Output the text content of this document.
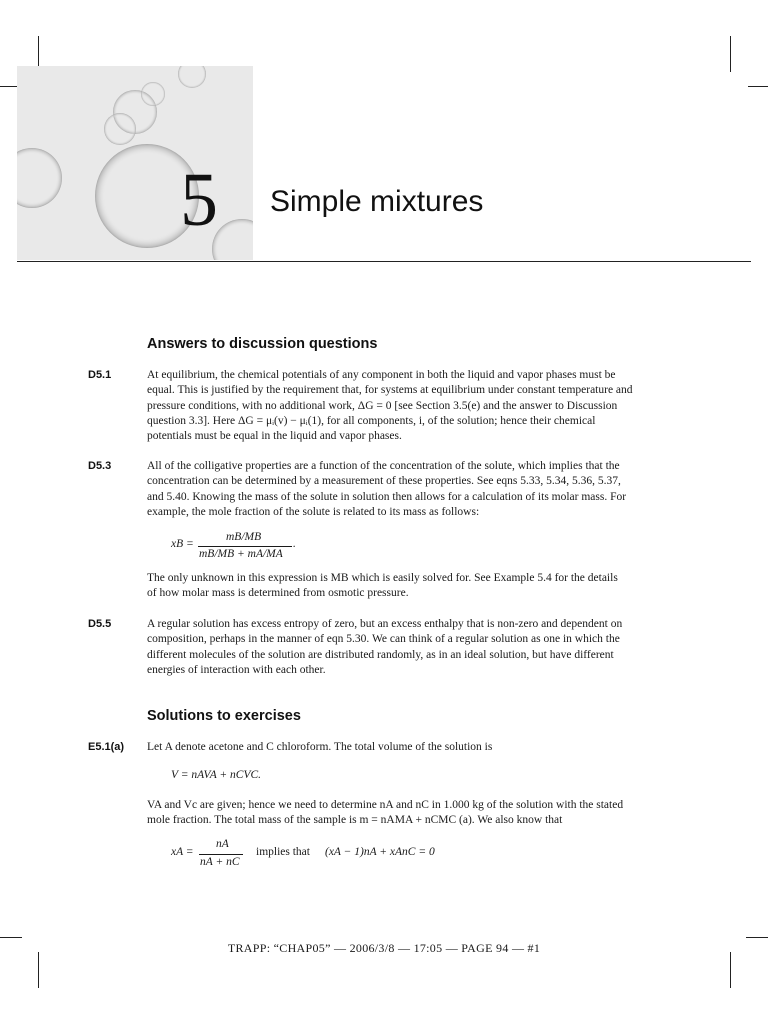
5 Simple mixtures
Answers to discussion questions
D5.1	At equilibrium, the chemical potentials of any component in both the liquid and vapor phases must be
equal. This is justified by the requirement that, for systems at equilibrium under constant temperature and
pressure conditions, with no additional work, ΔG = 0 [see Section 3.5(e) and the answer to Discussion
question 3.3]. Here ΔG = μᵢ(v) − μᵢ(1), for all components, i, of the solution; hence their chemical
potentials must be equal in the liquid and vapor phases.
D5.3	All of the colligative properties are a function of the concentration of the solute, which implies that the
concentration can be determined by a measurement of these properties. See eqns 5.33, 5.34, 5.36, 5.37,
and 5.40. Knowing the mass of the solute in solution then allows for a calculation of its molar mass. For
example, the mole fraction of the solute is related to its mass as follows:
xB =
mB/MB
mB/MB + mA/MA
.
The only unknown in this expression is MB which is easily solved for. See Example 5.4 for the details
of how molar mass is determined from osmotic pressure.
D5.5	A regular solution has excess entropy of zero, but an excess enthalpy that is non-zero and dependent on
composition, perhaps in the manner of eqn 5.30. We can think of a regular solution as one in which the
different molecules of the solution are distributed randomly, as in an ideal solution, but have different
energies of interaction with each other.
Solutions to exercises
E5.1(a) Let A denote acetone and C chloroform. The total volume of the solution is
V = nAVA + nCVC.
VA and Vc are given; hence we need to determine nA and nC in 1.000 kg of the solution with the stated
mole fraction. The total mass of the sample is m = nAMA + nCMC (a). We also know that
xA =
nA
nA + nC
implies that (xA − 1)nA + xAnC = 0
TRAPP: “CHAP05” — 2006/3/8 — 17:05 — PAGE 94 — #1
